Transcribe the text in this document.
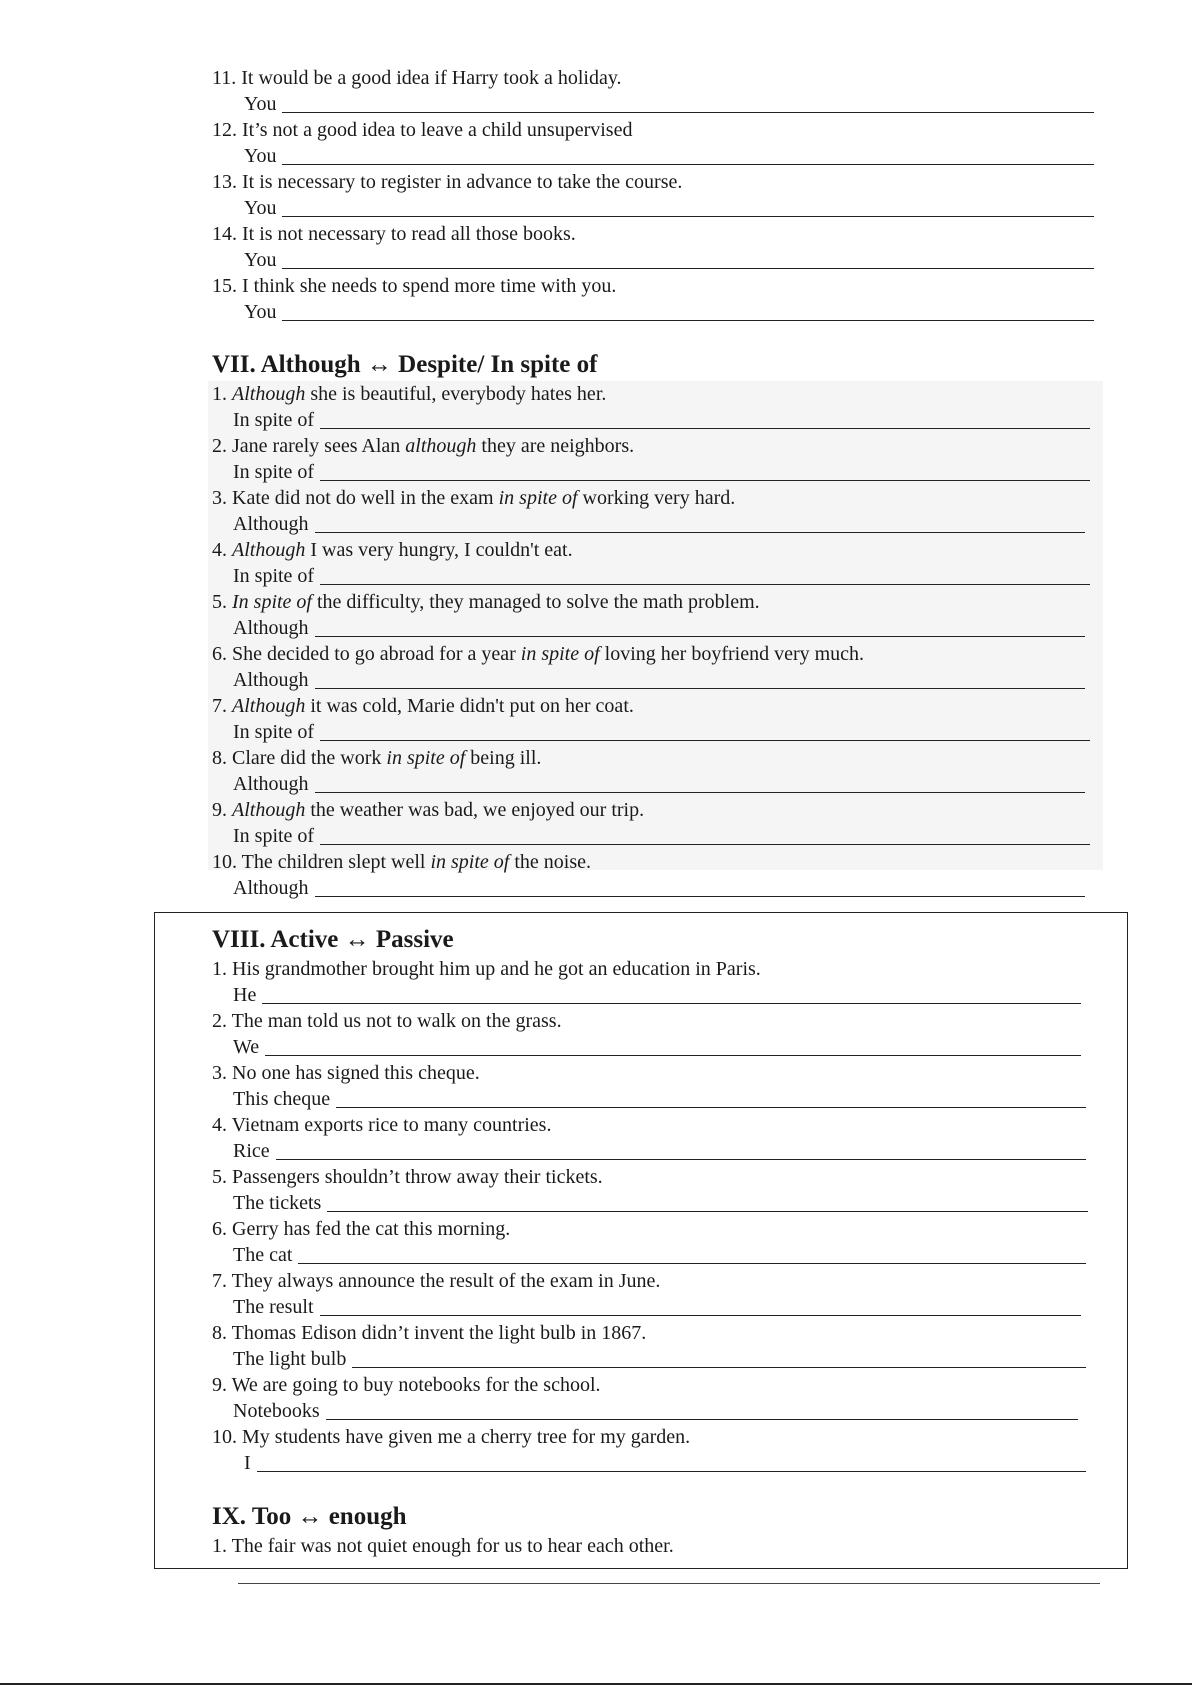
11. It would be a good idea if Harry took a holiday.
You
12. It’s not a good idea to leave a child unsupervised
You
13. It is necessary to register in advance to take the course.
You
14. It is not necessary to read all those books.
You
15. I think she needs to spend more time with you.
You
VII. Although ↔ Despite/ In spite of
1. Although she is beautiful, everybody hates her.
In spite of
2. Jane rarely sees Alan although they are neighbors.
In spite of
3. Kate did not do well in the exam in spite of working very hard.
Although
4. Although I was very hungry, I couldn't eat.
In spite of
5. In spite of the difficulty, they managed to solve the math problem.
Although
6. She decided to go abroad for a year in spite of loving her boyfriend very much.
Although
7. Although it was cold, Marie didn't put on her coat.
In spite of
8. Clare did the work in spite of being ill.
Although
9. Although the weather was bad, we enjoyed our trip.
In spite of
10. The children slept well in spite of the noise.
Although
VIII. Active ↔ Passive
1. His grandmother brought him up and he got an education in Paris.
He
2. The man told us not to walk on the grass.
We
3. No one has signed this cheque.
This cheque
4. Vietnam exports rice to many countries.
Rice
5. Passengers shouldn’t throw away their tickets.
The tickets
6. Gerry has fed the cat this morning.
The cat
7. They always announce the result of the exam in June.
The result
8. Thomas Edison didn’t invent the light bulb in 1867.
The light bulb
9. We are going to buy notebooks for the school.
Notebooks
10. My students have given me a cherry tree for my garden.
I
IX. Too ↔ enough
1. The fair was not quiet enough for us to hear each other.
